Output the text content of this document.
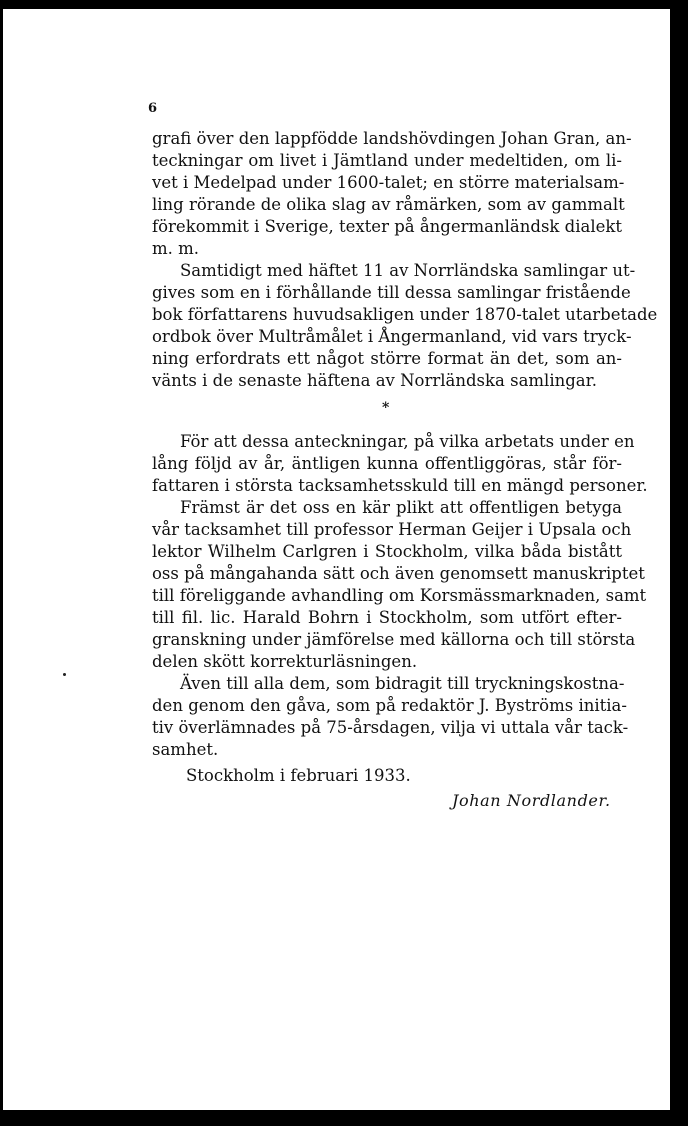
6
grafi över den lappfödde landshövdingen Johan Gran, an-
teckningar om livet i Jämtland under medeltiden, om li-
vet i Medelpad under 1600-talet; en större materialsam-
ling rörande de olika slag av råmärken, som av gammalt
förekommit i Sverige, texter på ångermanländsk dialekt
m. m.
Samtidigt med häftet 11 av Norrländska samlingar ut-
gives som en i förhållande till dessa samlingar fristående
bok författarens huvudsakligen under 1870-talet utarbetade
ordbok över Multråmålet i Ångermanland, vid vars tryck-
ning erfordrats ett något större format än det, som an-
vänts i de senaste häftena av Norrländska samlingar.
*
För att dessa anteckningar, på vilka arbetats under en
lång följd av år, äntligen kunna offentliggöras, står för-
fattaren i största tacksamhetsskuld till en mängd personer.
Främst är det oss en kär plikt att offentligen betyga
vår tacksamhet till professor Herman Geijer i Upsala och
lektor Wilhelm Carlgren i Stockholm, vilka båda bistått
oss på mångahanda sätt och även genomsett manuskriptet
till föreliggande avhandling om Korsmässmarknaden, samt
till fil. lic. Harald Bohrn i Stockholm, som utfört efter-
granskning under jämförelse med källorna och till största
delen skött korrekturläsningen.
Även till alla dem, som bidragit till tryckningskostna-
den genom den gåva, som på redaktör J. Byströms initia-
tiv överlämnades på 75-årsdagen, vilja vi uttala vår tack-
samhet.
Stockholm i februari 1933.
Johan Nordlander.
